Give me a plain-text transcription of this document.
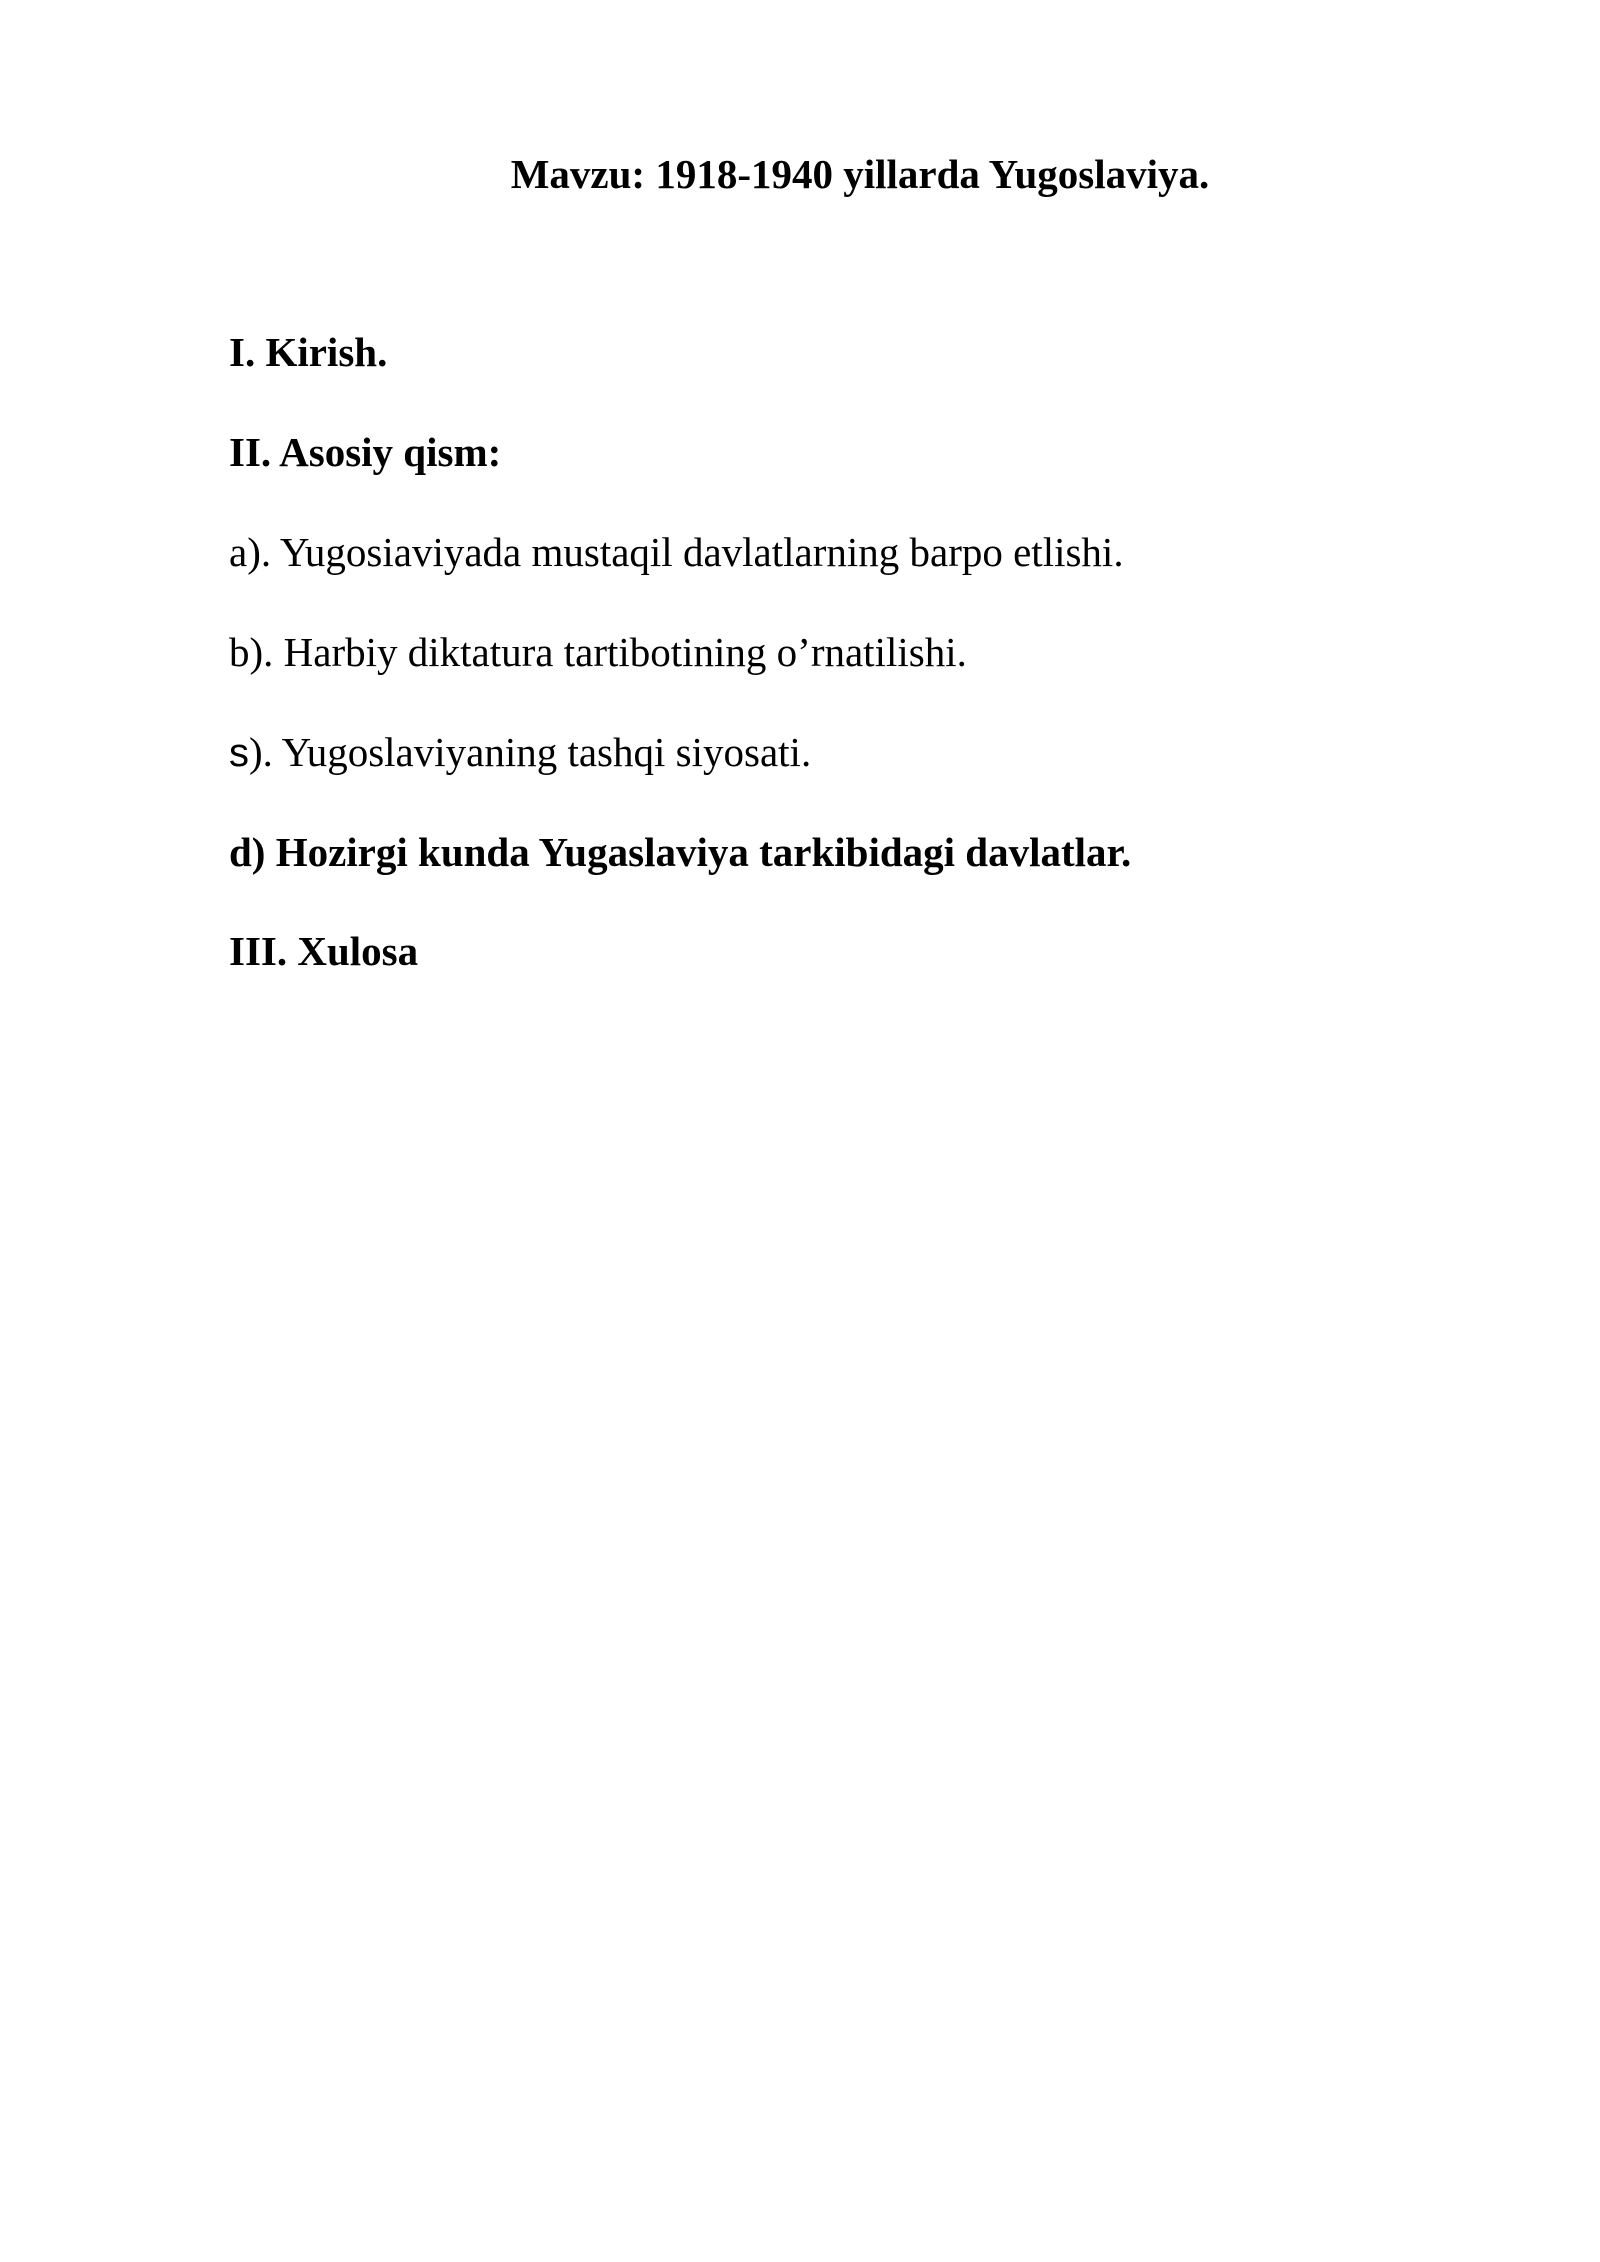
Mavzu: 1918-1940 yillarda Yugoslaviya.
I. Kirish.
II. Asosiy qism:
a). Yugosiaviyada mustaqil davlatlarning barpo etlishi.
b). Harbiy diktatura tartibotining o’rnatilishi.
s). Yugoslaviyaning tashqi siyosati.
d) Hozirgi kunda Yugaslaviya tarkibidagi davlatlar.
III. Xulosa
